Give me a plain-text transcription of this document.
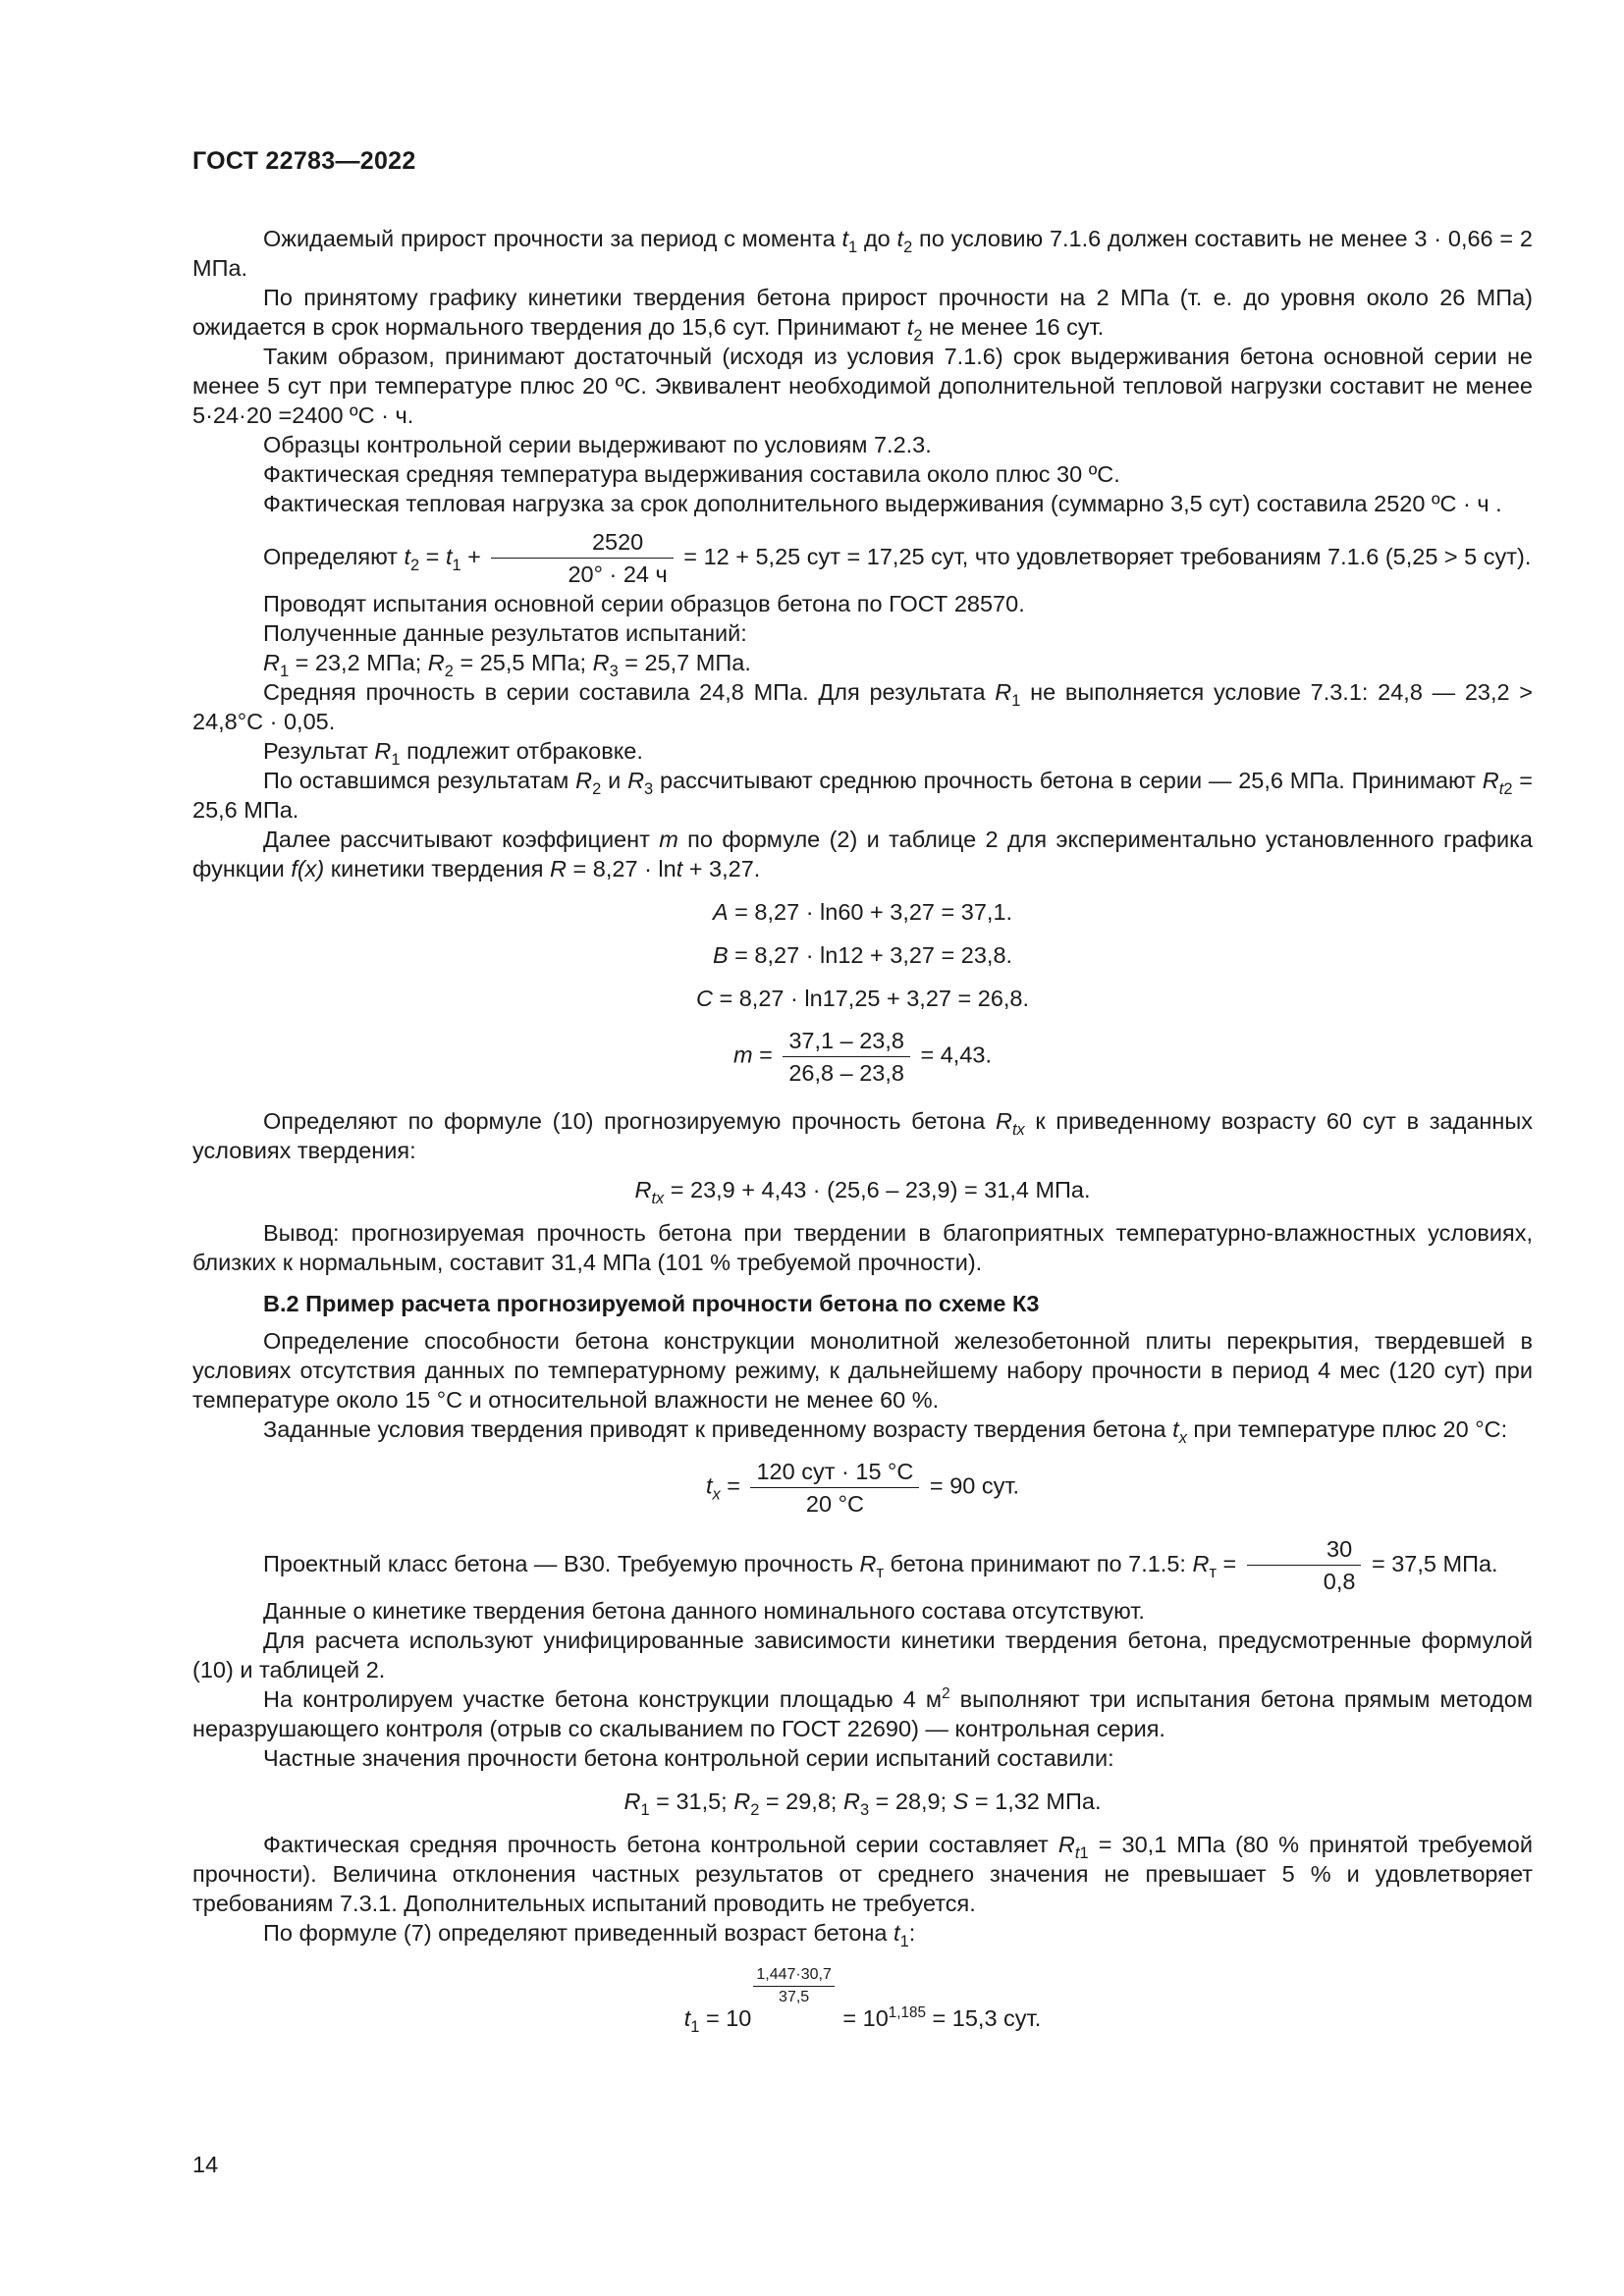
ГОСТ 22783—2022

Ожидаемый прирост прочности за период с момента $t_1$ до $t_2$ по условию 7.1.6 должен составить не менее 3 · 0,66 = 2 МПа.

По принятому графику кинетики твердения бетона прирост прочности на 2 МПа (т. е. до уровня около 26 МПа) ожидается в срок нормального твердения до 15,6 сут. Принимают $t_2$ не менее 16 сут.

Таким образом, принимают достаточный (исходя из условия 7.1.6) срок выдерживания бетона основной серии не менее 5 сут при температуре плюс 20 ºС. Эквивалент необходимой дополнительной тепловой нагрузки составит не менее 5·24·20 =2400 ºС · ч.

Образцы контрольной серии выдерживают по условиям 7.2.3.

Фактическая средняя температура выдерживания составила около плюс 30 ºС.

Фактическая тепловая нагрузка за срок дополнительного выдерживания (суммарно 3,5 сут) составила 2520 ºС · ч .

Определяют $t_2 = t_1 + \frac{2520}{20^\circ \cdot 24 ч} = 12 + 5,25$ сут = 17,25 сут, что удовлетворяет требованиям 7.1.6 (5,25 > 5 сут).

Проводят испытания основной серии образцов бетона по ГОСТ 28570.

Полученные данные результатов испытаний:

$R_1 = 23,2$ МПа; $R_2 = 25,5$ МПа; $R_3 = 25,7$ МПа.

Средняя прочность в серии составила 24,8 МПа. Для результата $R_1$ не выполняется условие 7.3.1: 24,8 — 23,2 > 24,8°С · 0,05.

Результат $R_1$ подлежит отбраковке.

По оставшимся результатам $R_2$ и $R_3$ рассчитывают среднюю прочность бетона в серии — 25,6 МПа. Принимают $R_{t2} = 25,6$ МПа.

Далее рассчитывают коэффициент m по формуле (2) и таблице 2 для экспериментально установленного графика функции f(x) кинетики твердения R = 8,27 · lnt + 3,27.

A = 8,27 · ln60 + 3,27 = 37,1.

B = 8,27 · ln12 + 3,27 = 23,8.

C = 8,27 · ln17,25 + 3,27 = 26,8.

$m = \frac{37,1 - 23,8}{26,8 - 23,8} = 4,43$.

Определяют по формуле (10) прогнозируемую прочность бетона $R_{tx}$ к приведенному возрасту 60 сут в заданных условиях твердения:

$R_{tx} = 23,9 + 4,43 \cdot (25,6 - 23,9) = 31,4$ МПа.

Вывод: прогнозируемая прочность бетона при твердении в благоприятных температурно-влажностных условиях, близких к нормальным, составит 31,4 МПа (101 % требуемой прочности).

В.2 Пример расчета прогнозируемой прочности бетона по схеме К3

Определение способности бетона конструкции монолитной железобетонной плиты перекрытия, твердевшей в условиях отсутствия данных по температурному режиму, к дальнейшему набору прочности в период 4 мес (120 сут) при температуре около 15 °С и относительной влажности не менее 60 %.

Заданные условия твердения приводят к приведенному возрасту твердения бетона $t_x$ при температуре плюс 20 °С:

$t_x = \frac{\text{120 сут · 15 °С}}{20 ^\circ С} = 90$ сут.

Проектный класс бетона — В30. Требуемую прочность $R_т$ бетона принимают по 7.1.5: $R_т = \frac{30}{0,8} = 37,5$ МПа.

Данные о кинетике твердения бетона данного номинального состава отсутствуют.

Для расчета используют унифицированные зависимости кинетики твердения бетона, предусмотренные формулой (10) и таблицей 2.

На контролируем участке бетона конструкции площадью 4 $м^2$ выполняют три испытания бетона прямым методом неразрушающего контроля (отрыв со скалыванием по ГОСТ 22690) — контрольная серия.

Частные значения прочности бетона контрольной серии испытаний составили:

$R_1 = 31,5$; $R_2 = 29,8$; $R_3 = 28,9$; S = 1,32 МПа.

Фактическая средняя прочность бетона контрольной серии составляет $R_{t1} = 30,1$ МПа (80 % принятой требуемой прочности). Величина отклонения частных результатов от среднего значения не превышает 5 % и удовлетворяет требованиям 7.3.1. Дополнительных испытаний проводить не требуется.

По формуле (7) определяют приведенный возраст бетона $t_1$:

$t_1 = 10$
$\frac{1,447\cdot 30,7}{37,5}$
= $10^{1,185} = 15,3$ сут.

14
